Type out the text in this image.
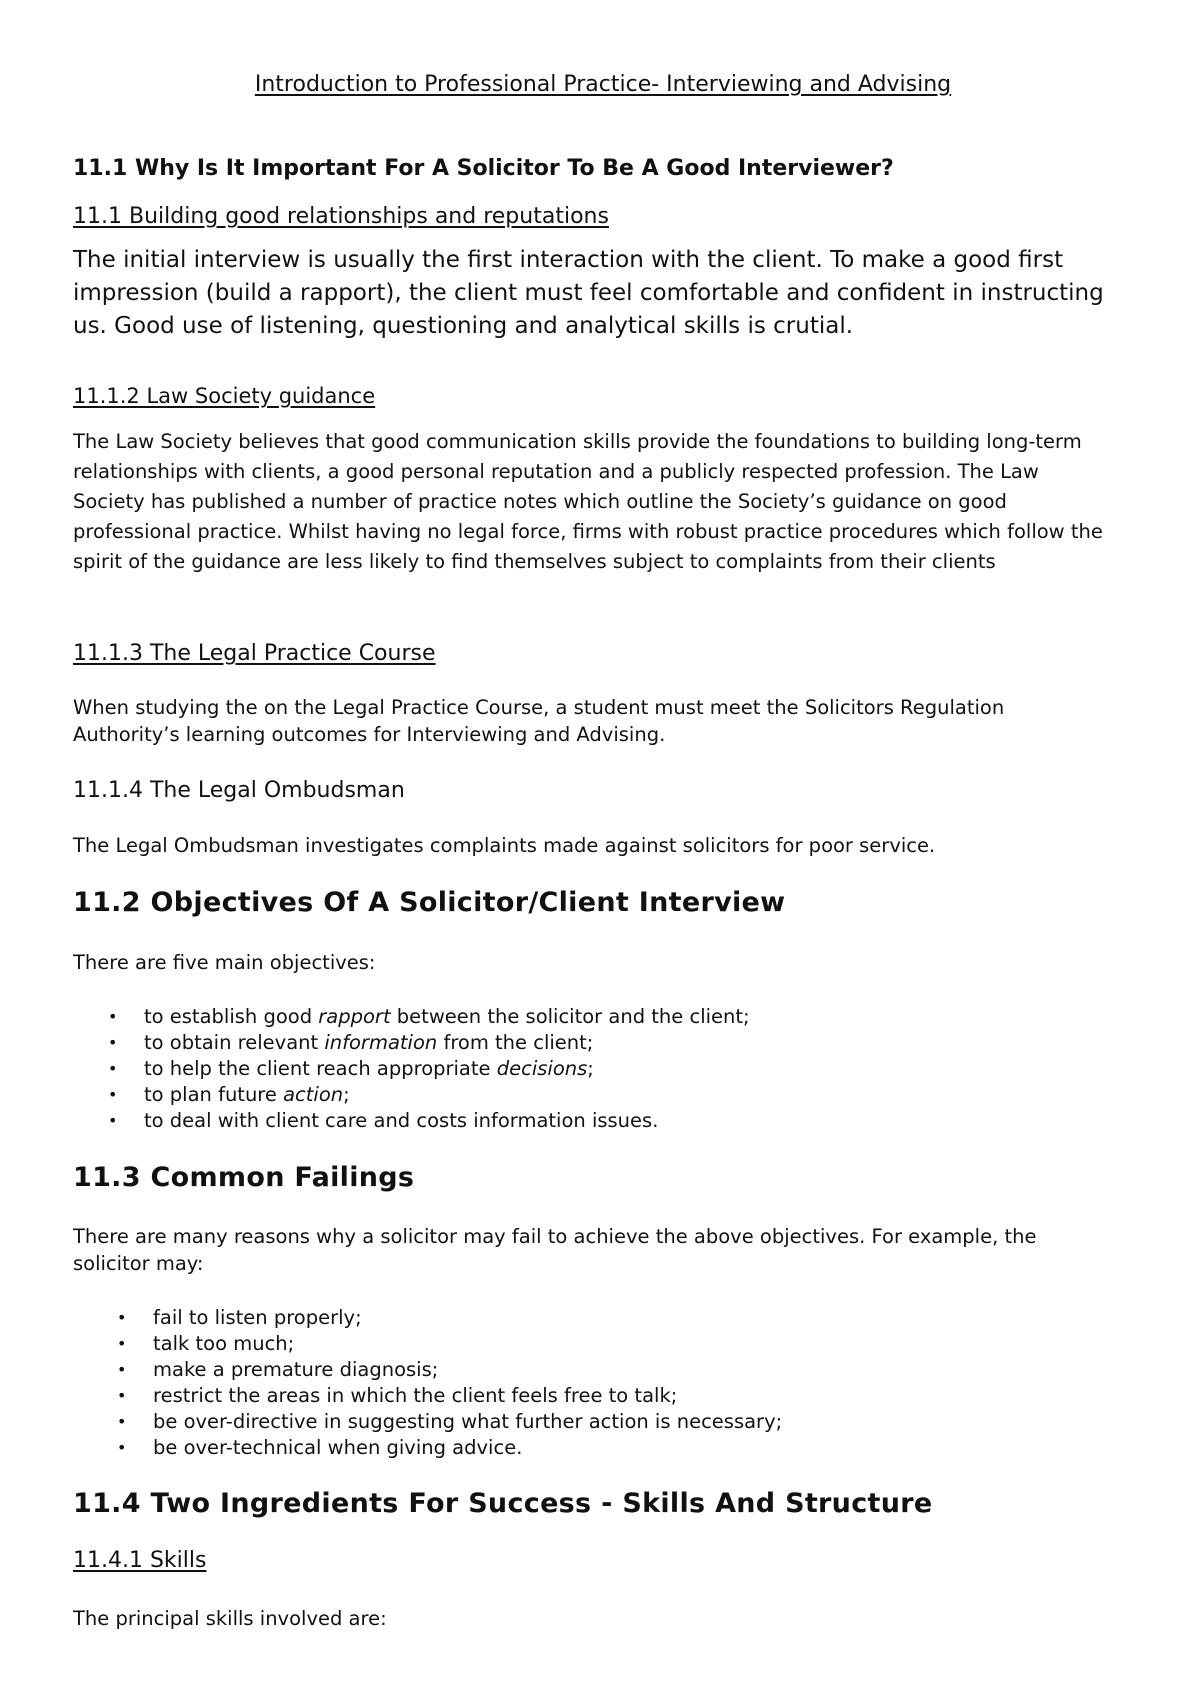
Introduction to Professional Practice- Interviewing and Advising
11.1 Why Is It Important For A Solicitor To Be A Good Interviewer?
11.1 Building good relationships and reputations

The initial interview is usually the first interaction with the client. To make a good first impression (build a rapport), the client must feel comfortable and confident in instructing us. Good use of listening, questioning and analytical skills is crutial.

11.1.2 Law Society guidance

The Law Society believes that good communication skills provide the foundations to building long-term relationships with clients, a good personal reputation and a publicly respected profession. The Law Society has published a number of practice notes which outline the Society’s guidance on good professional practice. Whilst having no legal force, firms with robust practice procedures which follow the spirit of the guidance are less likely to find themselves subject to complaints from their clients

11.1.3 The Legal Practice Course

When studying the on the Legal Practice Course, a student must meet the Solicitors Regulation Authority’s learning outcomes for Interviewing and Advising.

11.1.4 The Legal Ombudsman

The Legal Ombudsman investigates complaints made against solicitors for poor service.

11.2 Objectives Of A Solicitor/Client Interview

There are five main objectives:

• to establish good rapport between the solicitor and the client;
• to obtain relevant information from the client;
• to help the client reach appropriate decisions;
• to plan future action;
• to deal with client care and costs information issues.
11.3 Common Failings

There are many reasons why a solicitor may fail to achieve the above objectives. For example, the solicitor may:

• fail to listen properly;
• talk too much;
• make a premature diagnosis;
• restrict the areas in which the client feels free to talk;
• be over-directive in suggesting what further action is necessary;
• be over-technical when giving advice.
11.4 Two Ingredients For Success - Skills And Structure
11.4.1 Skills

The principal skills involved are:
